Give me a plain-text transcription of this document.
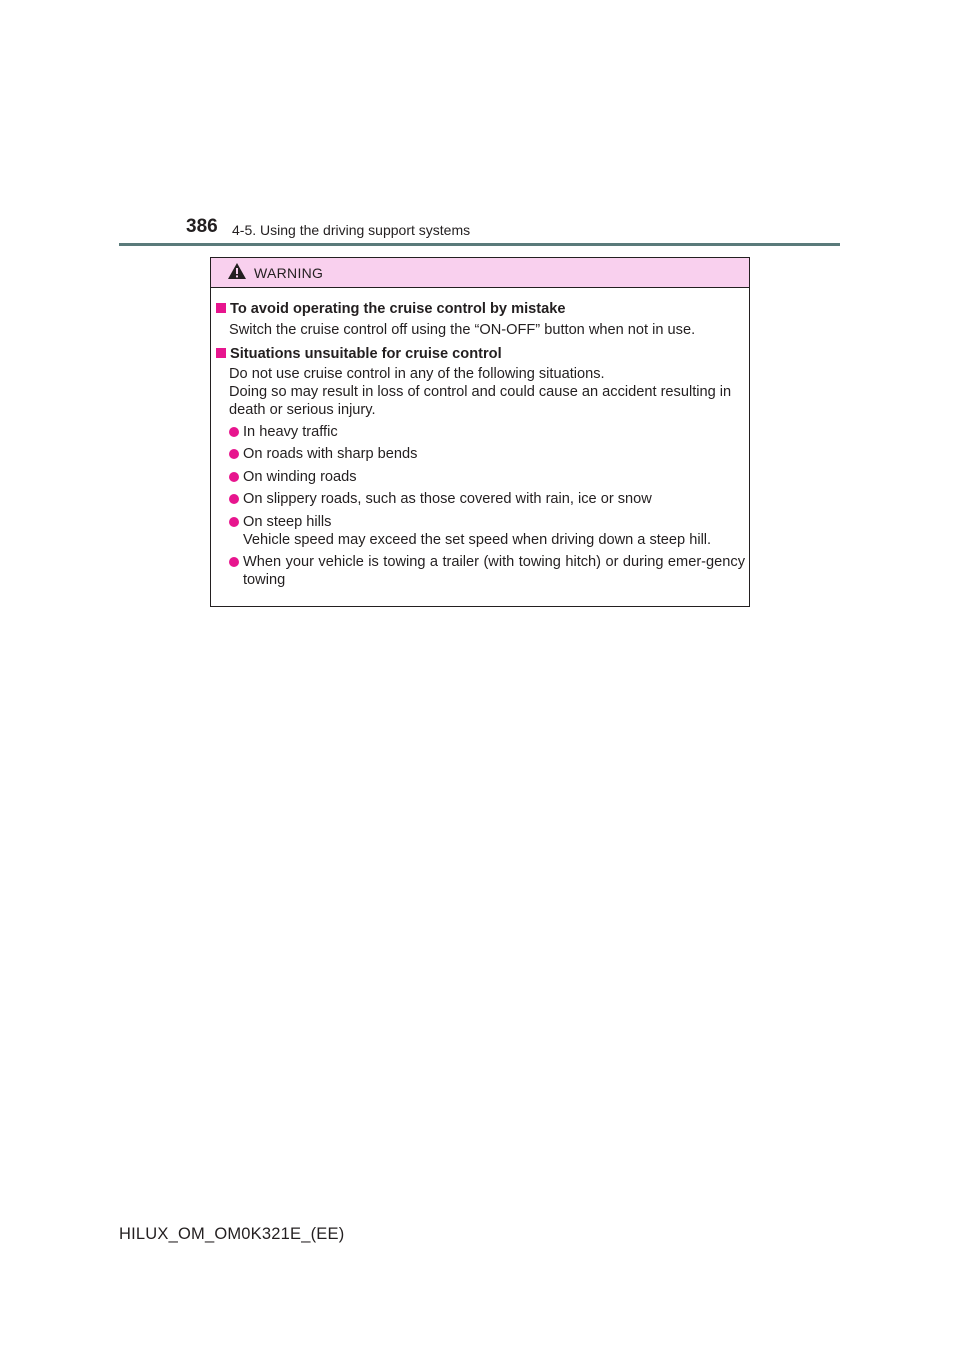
386 4-5. Using the driving support systems
WARNING
To avoid operating the cruise control by mistake
Switch the cruise control off using the “ON-OFF” button when not in use.
Situations unsuitable for cruise control
Do not use cruise control in any of the following situations.
Doing so may result in loss of control and could cause an accident resulting in death or serious injury.
In heavy traffic
On roads with sharp bends
On winding roads
On slippery roads, such as those covered with rain, ice or snow
On steep hills
Vehicle speed may exceed the set speed when driving down a steep hill.
When your vehicle is towing a trailer (with towing hitch) or during emer-gency towing
HILUX_OM_OM0K321E_(EE)
